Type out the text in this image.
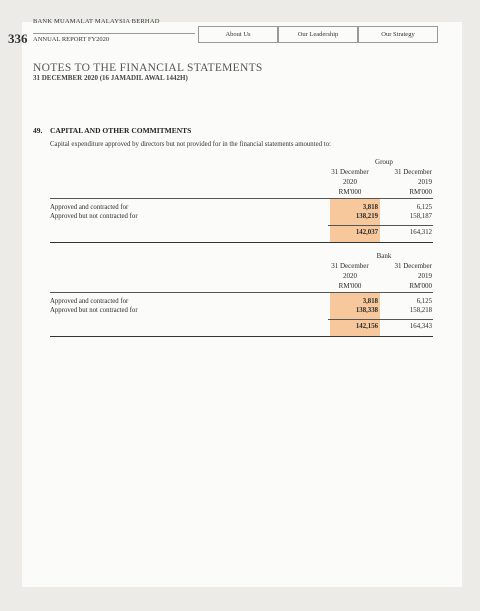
336
BANK MUAMALAT MALAYSIA BERHAD
ANNUAL REPORT FY2020
About Us	Our Leadership	Our Strategy
NOTES TO THE FINANCIAL STATEMENTS
31 DECEMBER 2020 (16 JAMADIL AWAL 1442H)
49. CAPITAL AND OTHER COMMITMENTS
Capital expenditure approved by directors but not provided for in the financial statements amounted to:
Group
31 December
2020
RM'000
31 December
2019
RM'000
Approved and contracted for	3,818	6,125
Approved but not contracted for	138,219	158,187
142,037	164,312
Bank
31 December
2020
RM'000
31 December
2019
RM'000
Approved and contracted for	3,818	6,125
Approved but not contracted for	138,338	158,218
142,156	164,343
